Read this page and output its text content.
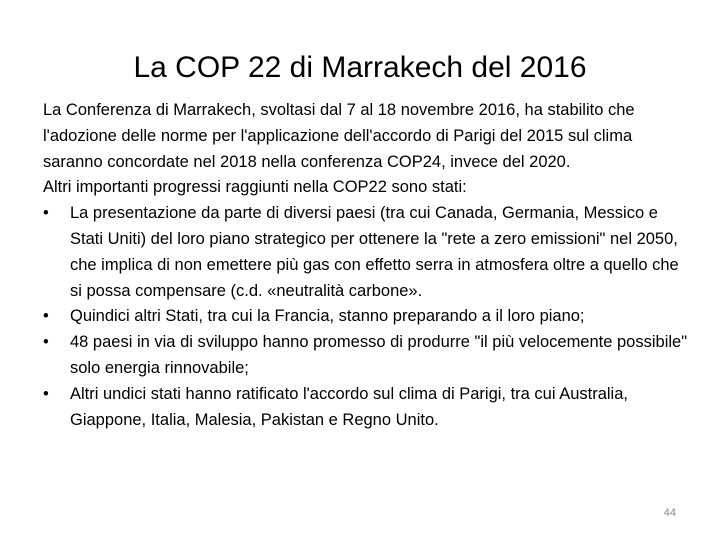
La COP 22 di Marrakech del 2016

La Conferenza di Marrakech, svoltasi dal 7 al 18 novembre 2016, ha stabilito che l'adozione delle norme per l'applicazione dell'accordo di Parigi del 2015 sul clima saranno concordate nel 2018 nella conferenza COP24, invece del 2020.

Altri importanti progressi raggiunti nella COP22 sono stati:

•	La presentazione da parte di diversi paesi (tra cui Canada, Germania, Messico e Stati Uniti) del loro piano strategico per ottenere la "rete a zero emissioni" nel 2050, che implica di non emettere più gas con effetto serra in atmosfera oltre a quello che si possa compensare (c.d. «neutralità carbone».
•	Quindici altri Stati, tra cui la Francia, stanno preparando a il loro piano;
•	48 paesi in via di sviluppo hanno promesso di produrre "il più velocemente possibile" solo energia rinnovabile;
•	Altri undici stati hanno ratificato l'accordo sul clima di Parigi, tra cui Australia, Giappone, Italia, Malesia, Pakistan e Regno Unito.
44
